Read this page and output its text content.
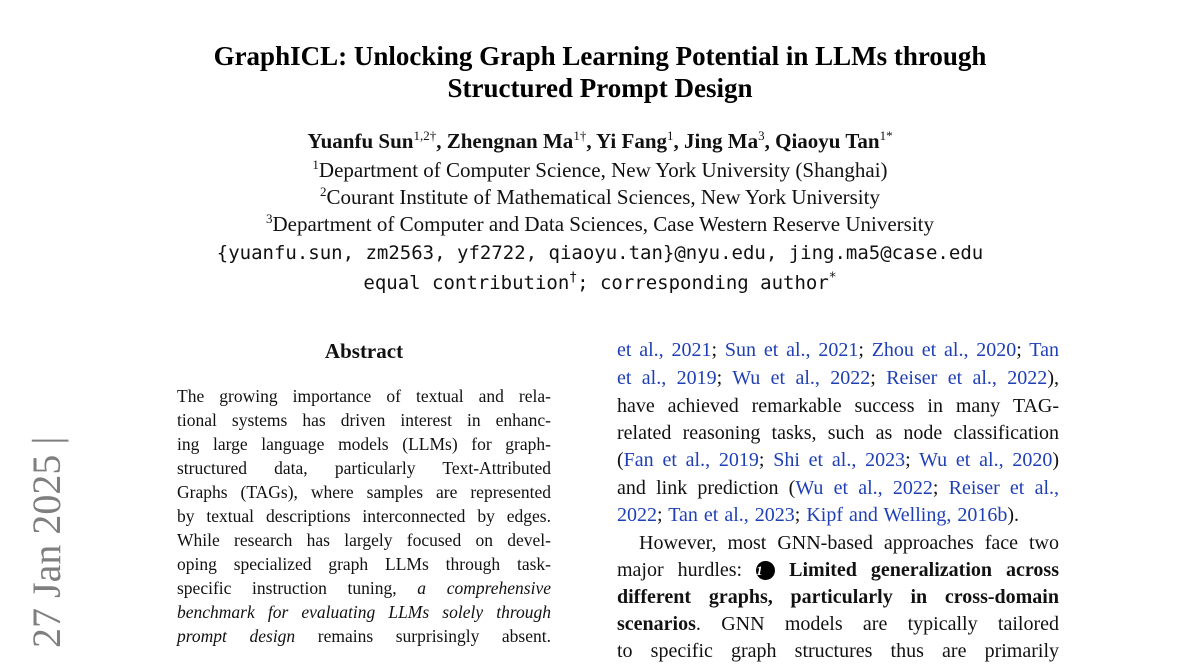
GraphICL: Unlocking Graph Learning Potential in LLMs through
Structured Prompt Design
Yuanfu Sun$^{1,2\dagger}$, Zhengnan $Ma^{1\dagger}$, Yi Fang$^1$, Jing Ma$^3$, Qiaoyu Tan$^{1*}$
$^1$Department of Computer Science, New York University (Shanghai)
$^2$Courant Institute of Mathematical Sciences, New York University
$^3$Department of Computer and Data Sciences, Case Western Reserve University
{yuanfu.sun, zm2563, yf2722, qiaoyu.tan}@nyu.edu, jing.ma5@case.edu
equal contribution†; corresponding author*
27 Jan 2025 |
Abstract
The growing importance of textual and rela-
tional systems has driven interest in enhanc-
ing large language models (LLMs) for graph-
structured data, particularly Text-Attributed
Graphs (TAGs), where samples are represented
by textual descriptions interconnected by edges.
While research has largely focused on devel-
oping specialized graph LLMs through task-
specific instruction tuning, a comprehensive
benchmark for evaluating LLMs solely through
prompt design remains surprisingly absent.
et al., 2021; Sun et al., 2021; Zhou et al., 2020; Tan
et al., 2019; Wu et al., 2022; Reiser et al., 2022),
have achieved remarkable success in many TAG-
related reasoning tasks, such as node classification
(Fan et al., 2019; Shi et al., 2023; Wu et al., 2020)
and link prediction (Wu et al., 2022; Reiser et al.,
2022; Tan et al., 2023; Kipf and Welling, 2016b).
However, most GNN-based approaches face two
major hurdles: 1 Limited generalization across
different graphs, particularly in cross-domain
scenarios. GNN models are typically tailored
to specific graph structures thus are primarily
